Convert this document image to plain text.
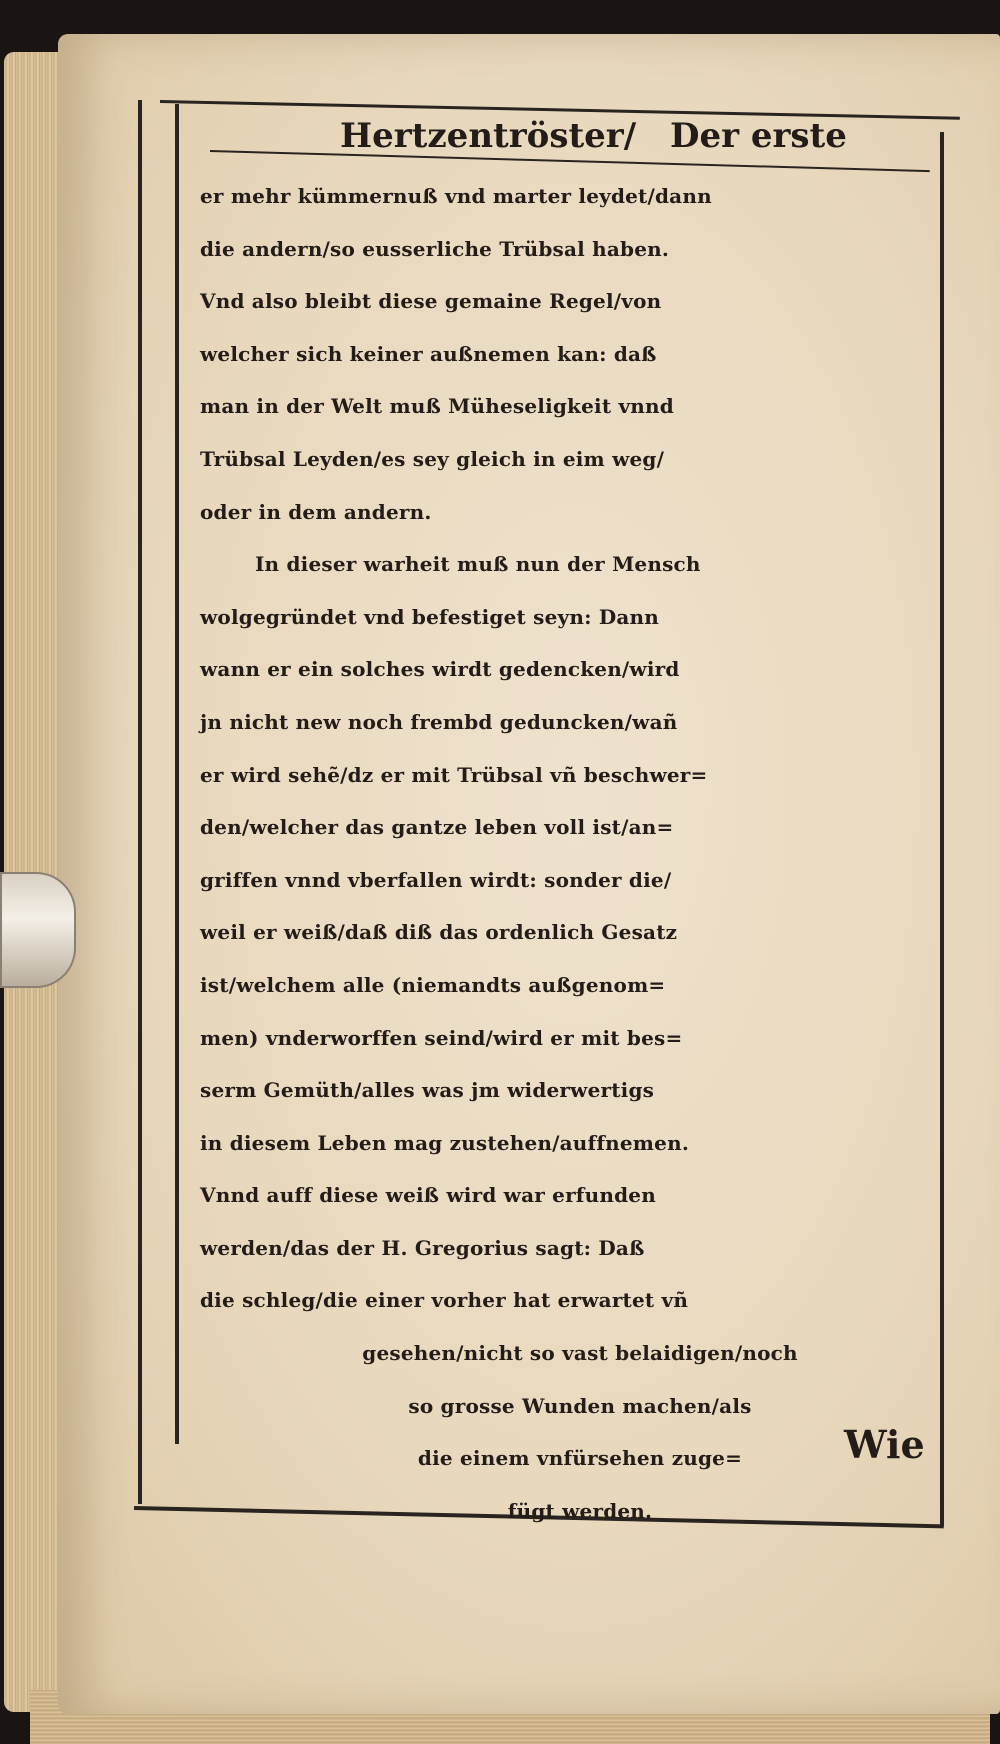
Hertzentröster/ Der erste
er mehr kümmernuß vnd marter leydet/dann
die andern/so eusserliche Trübsal haben.
Vnd also bleibt diese gemaine Regel/von
welcher sich keiner außnemen kan: daß
man in der Welt muß Müheseligkeit vnnd
Trübsal Leyden/es sey gleich in eim weg/
oder in dem andern.
In dieser warheit muß nun der Mensch
wolgegründet vnd befestiget seyn: Dann
wann er ein solches wirdt gedencken/wird
jn nicht new noch frembd geduncken/wañ
er wird sehẽ/dz er mit Trübsal vñ beschwer=
den/welcher das gantze leben voll ist/an=
griffen vnnd vberfallen wirdt: sonder die/
weil er weiß/daß diß das ordenlich Gesatz
ist/welchem alle (niemandts außgenom=
men) vnderworffen seind/wird er mit bes=
serm Gemüth/alles was jm widerwertigs
in diesem Leben mag zustehen/auffnemen.
Vnnd auff diese weiß wird war erfunden
werden/das der H. Gregorius sagt: Daß
die schleg/die einer vorher hat erwartet vñ
gesehen/nicht so vast belaidigen/noch
so grosse Wunden machen/als
die einem vnfürsehen zuge=
fügt werden.
Wie
